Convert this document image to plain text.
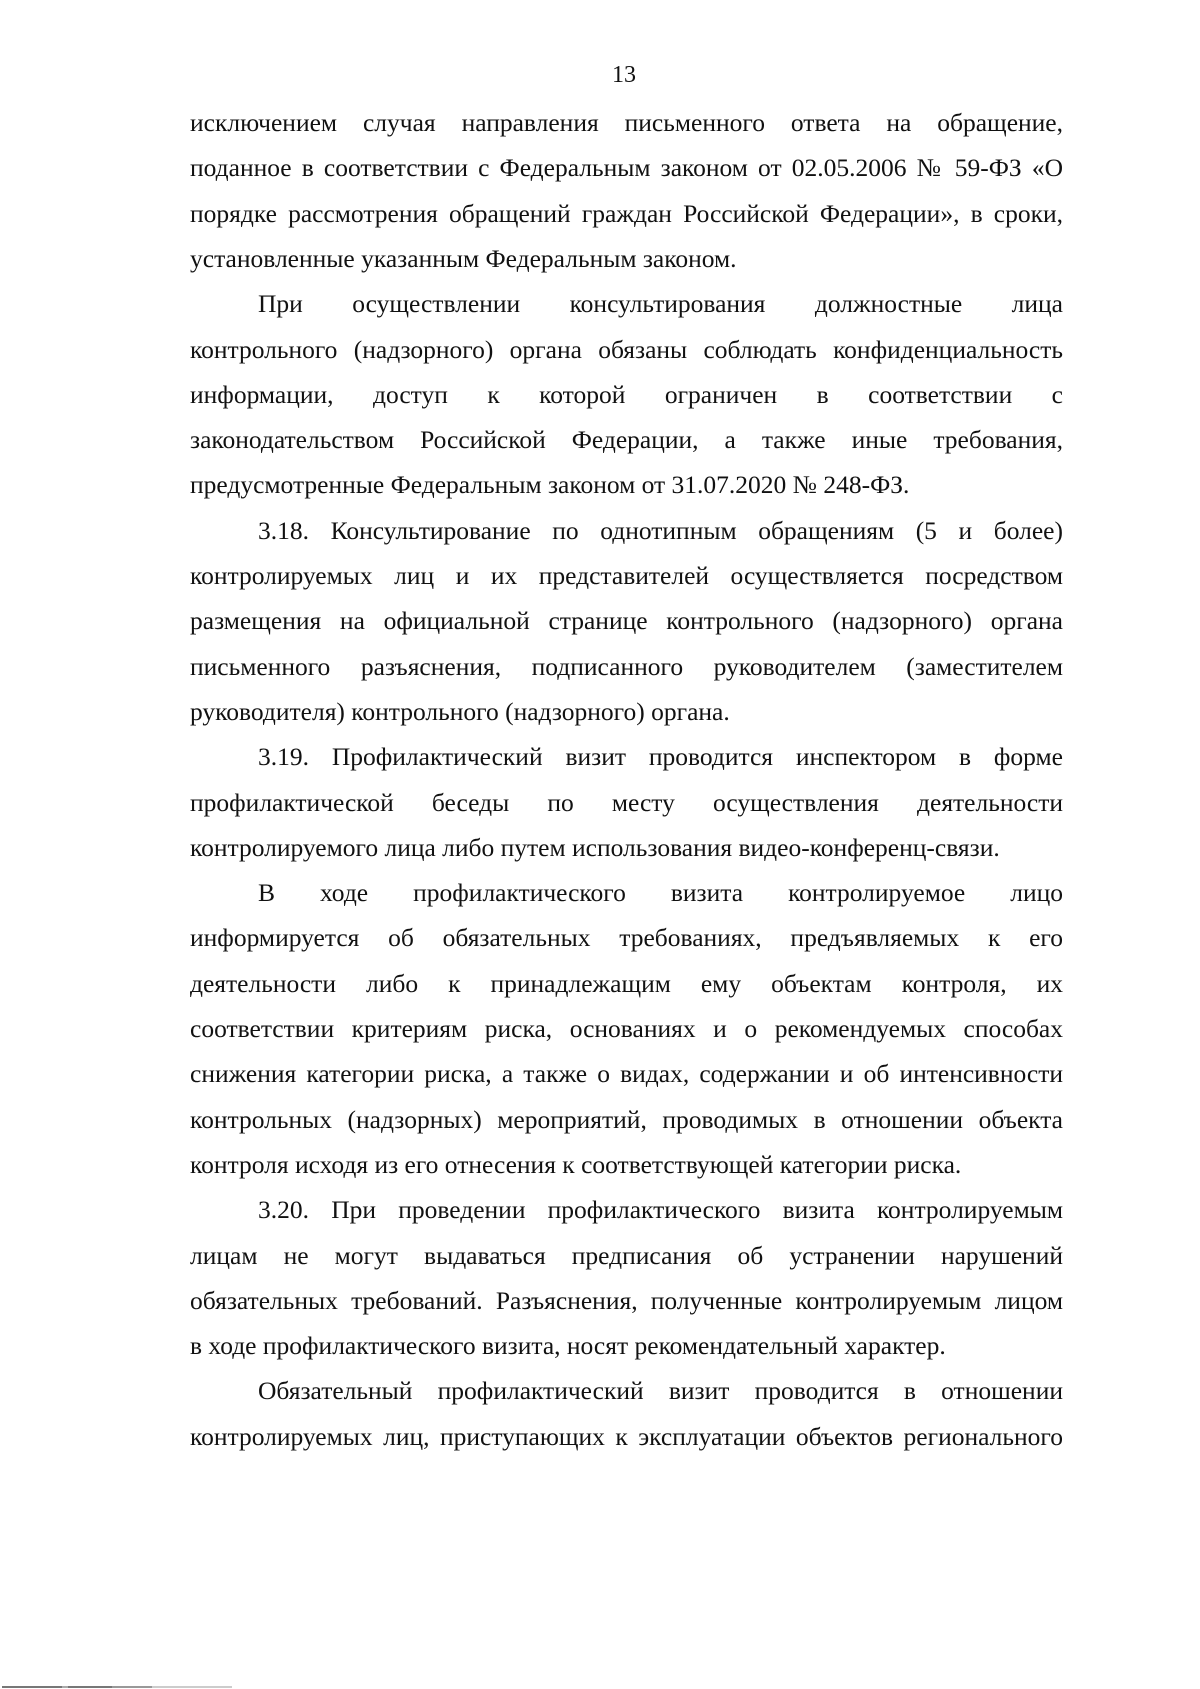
13
исключением случая направления письменного ответа на обращение,
поданное в соответствии с Федеральным законом от 02.05.2006 № 59-ФЗ «О
порядке рассмотрения обращений граждан Российской Федерации», в сроки,
установленные указанным Федеральным законом.
При осуществлении консультирования должностные лица
контрольного (надзорного) органа обязаны соблюдать конфиденциальность
информации, доступ к которой ограничен в соответствии с
законодательством Российской Федерации, а также иные требования,
предусмотренные Федеральным законом от 31.07.2020 № 248-ФЗ.
3.18. Консультирование по однотипным обращениям (5 и более)
контролируемых лиц и их представителей осуществляется посредством
размещения на официальной странице контрольного (надзорного) органа
письменного разъяснения, подписанного руководителем (заместителем
руководителя) контрольного (надзорного) органа.
3.19. Профилактический визит проводится инспектором в форме
профилактической беседы по месту осуществления деятельности
контролируемого лица либо путем использования видео-конференц-связи.
В ходе профилактического визита контролируемое лицо
информируется об обязательных требованиях, предъявляемых к его
деятельности либо к принадлежащим ему объектам контроля, их
соответствии критериям риска, основаниях и о рекомендуемых способах
снижения категории риска, а также о видах, содержании и об интенсивности
контрольных (надзорных) мероприятий, проводимых в отношении объекта
контроля исходя из его отнесения к соответствующей категории риска.
3.20. При проведении профилактического визита контролируемым
лицам не могут выдаваться предписания об устранении нарушений
обязательных требований. Разъяснения, полученные контролируемым лицом
в ходе профилактического визита, носят рекомендательный характер.
Обязательный профилактический визит проводится в отношении
контролируемых лиц, приступающих к эксплуатации объектов регионального
